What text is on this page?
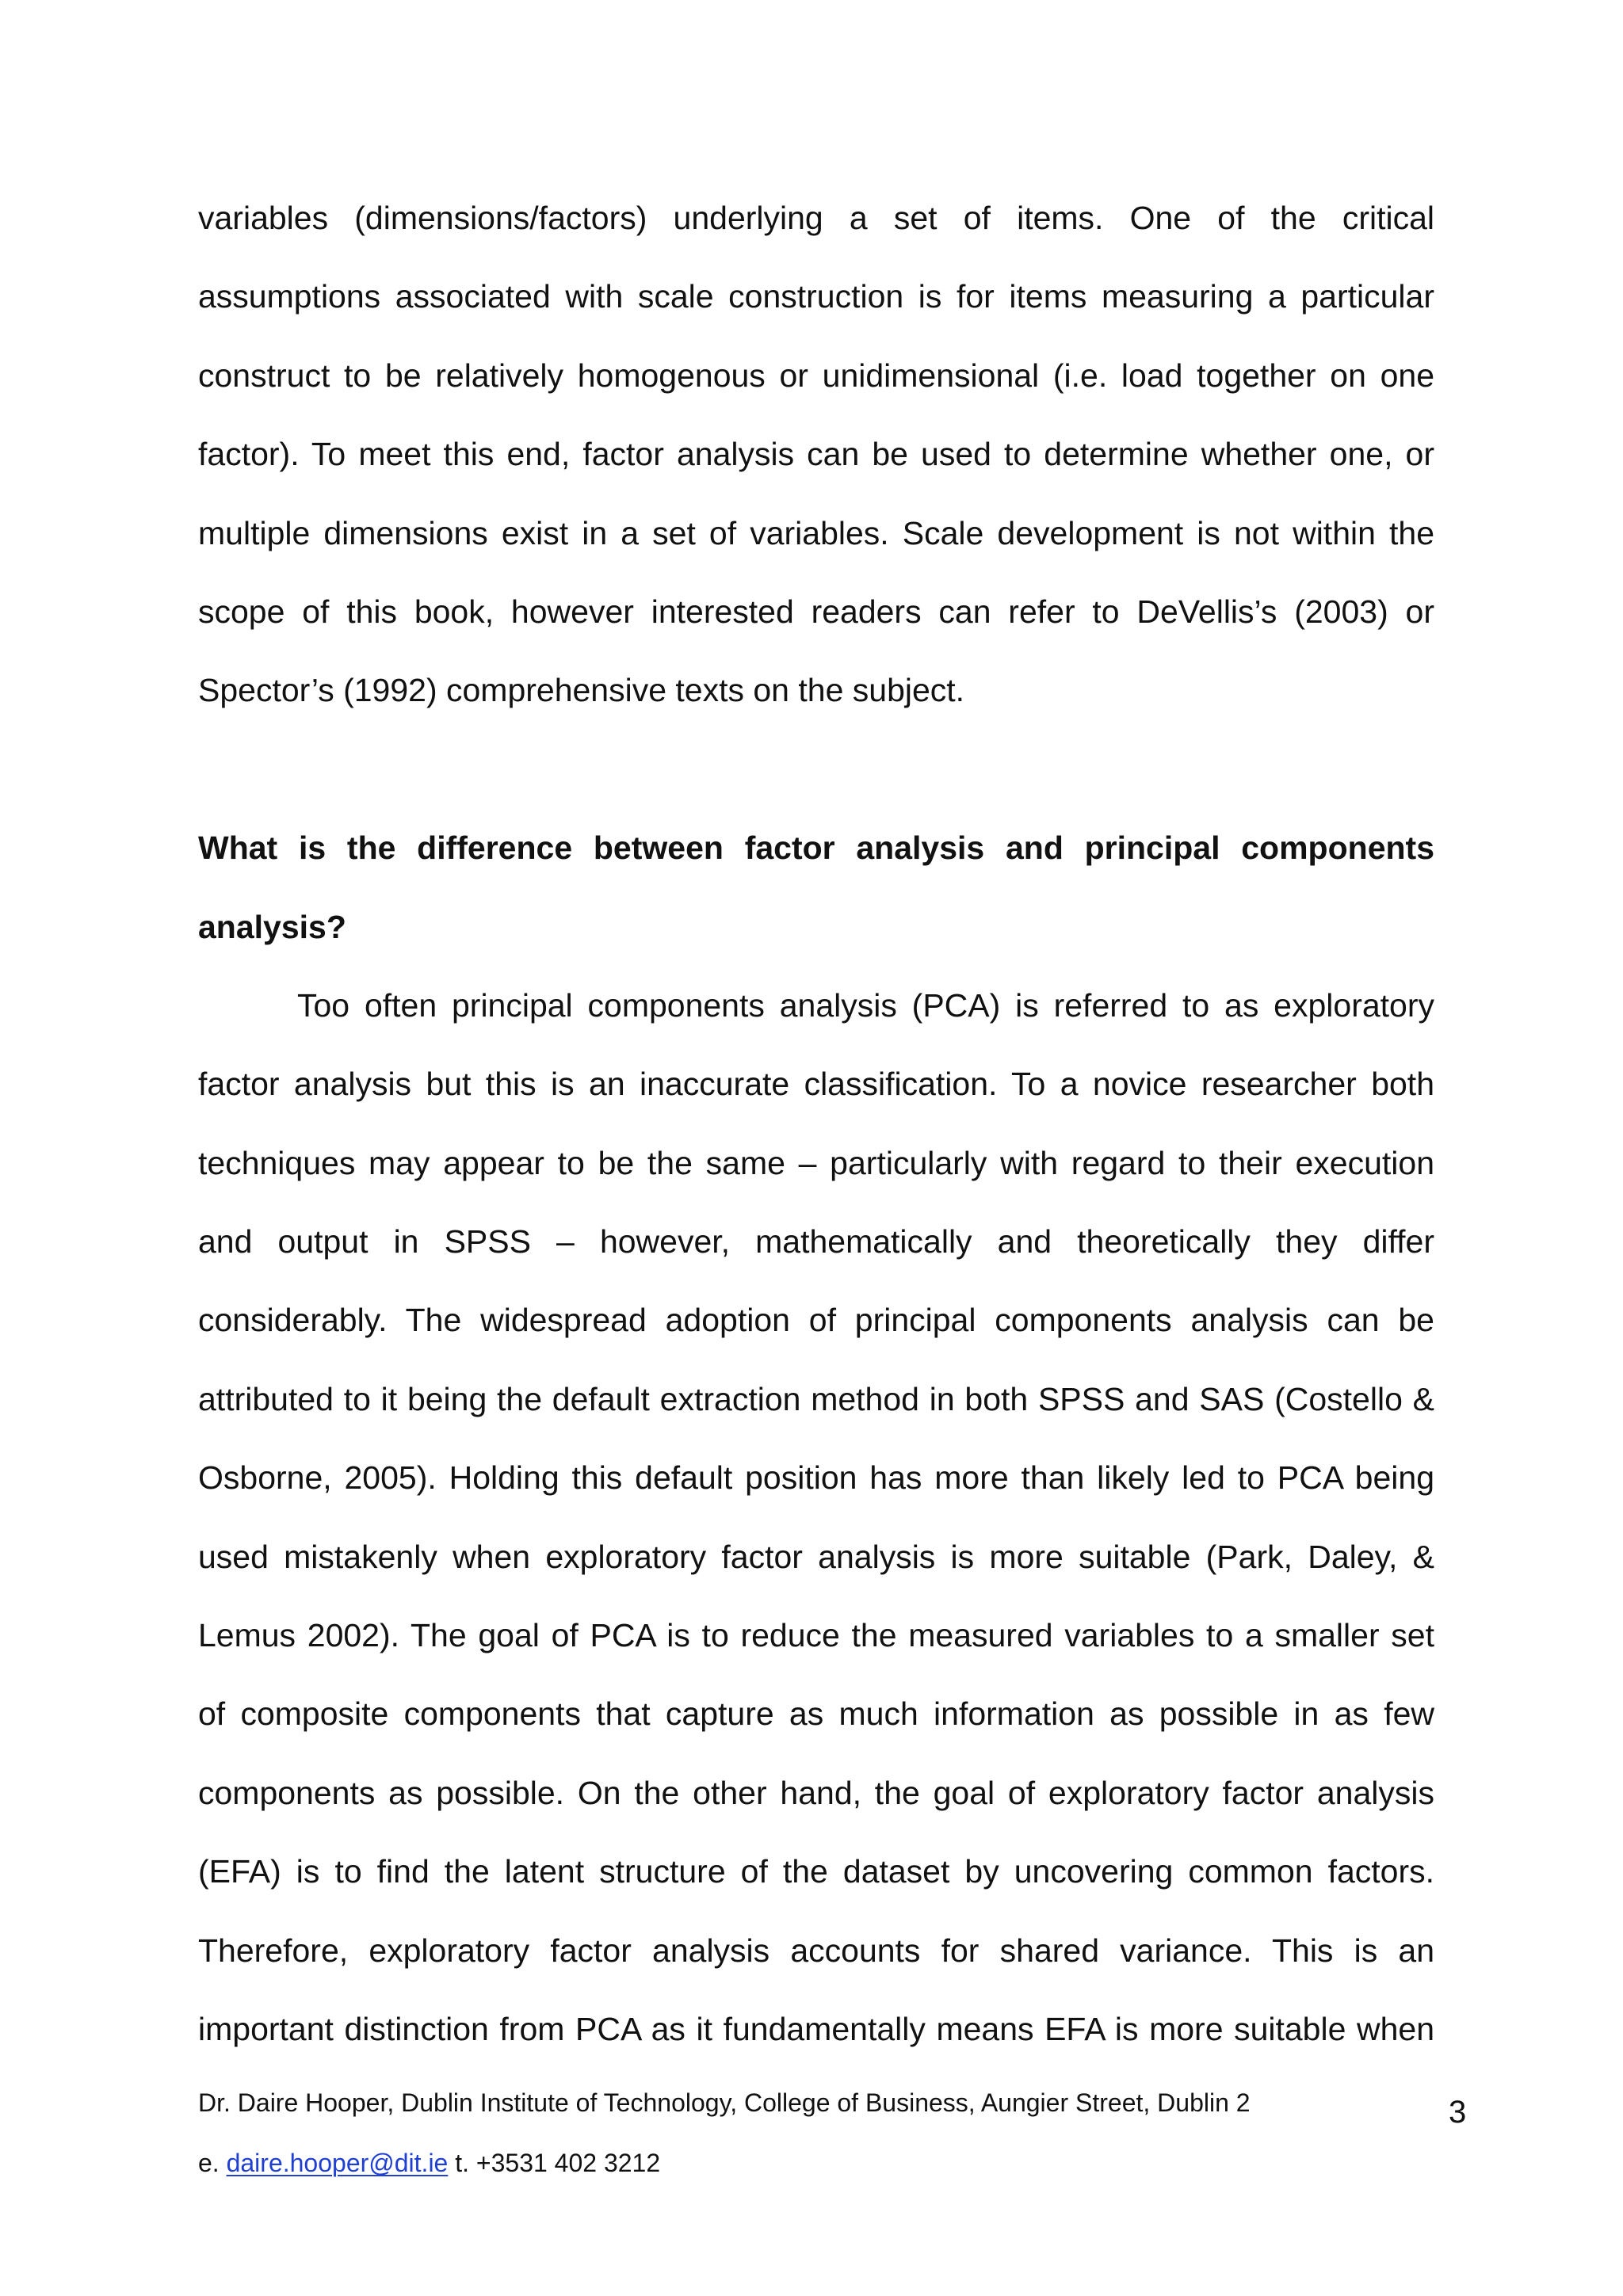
variables (dimensions/factors) underlying a set of items. One of the critical
assumptions associated with scale construction is for items measuring a particular
construct to be relatively homogenous or unidimensional (i.e. load together on one
factor). To meet this end, factor analysis can be used to determine whether one, or
multiple dimensions exist in a set of variables. Scale development is not within the
scope of this book, however interested readers can refer to DeVellis’s (2003) or
Spector’s (1992) comprehensive texts on the subject.
What is the difference between factor analysis and principal components
analysis?
Too often principal components analysis (PCA) is referred to as exploratory
factor analysis but this is an inaccurate classification. To a novice researcher both
techniques may appear to be the same – particularly with regard to their execution
and output in SPSS – however, mathematically and theoretically they differ
considerably. The widespread adoption of principal components analysis can be
attributed to it being the default extraction method in both SPSS and SAS (Costello &
Osborne, 2005). Holding this default position has more than likely led to PCA being
used mistakenly when exploratory factor analysis is more suitable (Park, Daley, &
Lemus 2002). The goal of PCA is to reduce the measured variables to a smaller set
of composite components that capture as much information as possible in as few
components as possible. On the other hand, the goal of exploratory factor analysis
(EFA) is to find the latent structure of the dataset by uncovering common factors.
Therefore, exploratory factor analysis accounts for shared variance. This is an
important distinction from PCA as it fundamentally means EFA is more suitable when
Dr. Daire Hooper, Dublin Institute of Technology, College of Business, Aungier Street, Dublin 2
e. daire.hooper@dit.ie t. +3531 402 3212
3
